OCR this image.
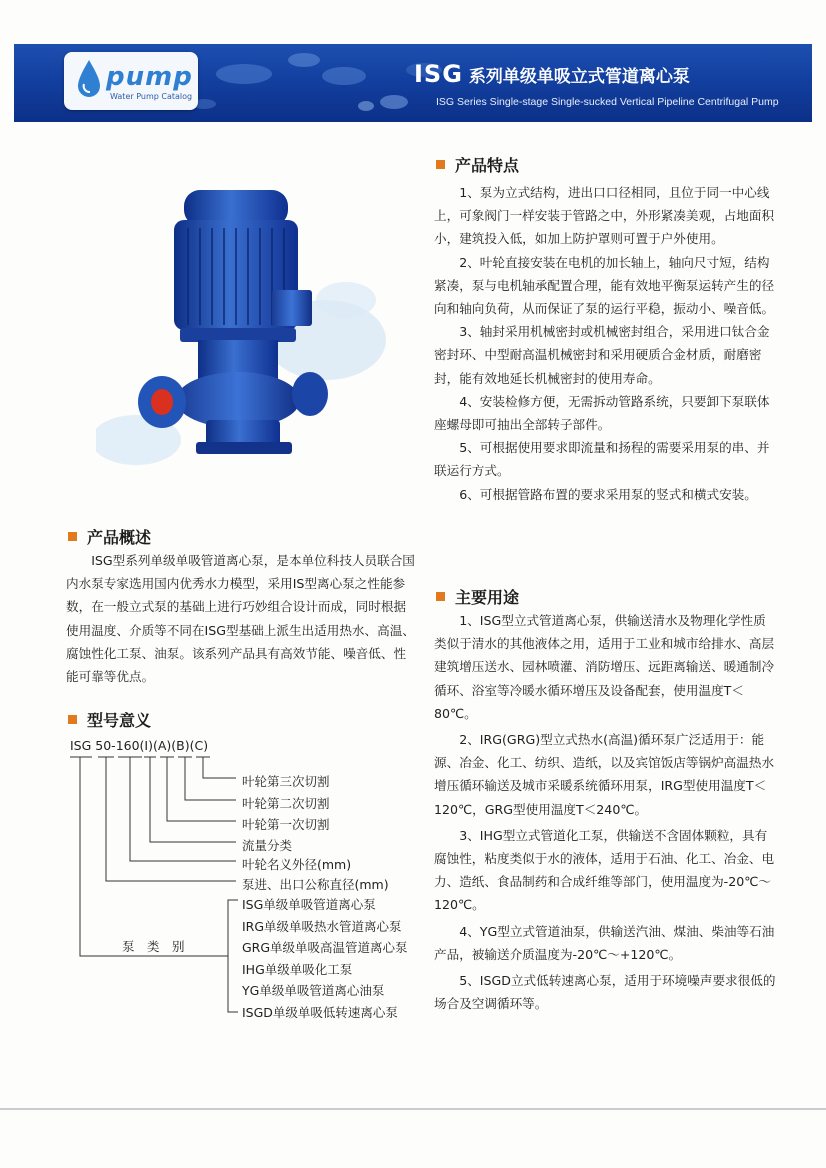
pump
Water Pump Catalog
ISG 系列单级单吸立式管道离心泵
ISG Series Single-stage Single-sucked Vertical Pipeline Centrifugal Pump
产品特点

1、泵为立式结构，进出口口径相同，且位于同一中心线上，可象阀门一样安装于管路之中，外形紧凑美观，占地面积小，建筑投入低，如加上防护罩则可置于户外使用。

2、叶轮直接安装在电机的加长轴上，轴向尺寸短，结构紧凑，泵与电机轴承配置合理，能有效地平衡泵运转产生的径向和轴向负荷，从而保证了泵的运行平稳，振动小、噪音低。

3、轴封采用机械密封或机械密封组合，采用进口钛合金密封环、中型耐高温机械密封和采用硬质合金材质，耐磨密封，能有效地延长机械密封的使用寿命。

4、安装检修方便，无需拆动管路系统，只要卸下泵联体座螺母即可抽出全部转子部件。

5、可根据使用要求即流量和扬程的需要采用泵的串、并联运行方式。

6、可根据管路布置的要求采用泵的竖式和横式安装。

产品概述

ISG型系列单级单吸管道离心泵，是本单位科技人员联合国内水泵专家选用国内优秀水力模型，采用IS型离心泵之性能参数，在一般立式泵的基础上进行巧妙组合设计而成，同时根据使用温度、介质等不同在ISG型基础上派生出适用热水、高温、腐蚀性化工泵、油泵。该系列产品具有高效节能、噪音低、性能可靠等优点。

型号意义
ISG 50-160(I)(A)(B)(C)
叶轮第三次切割
叶轮第二次切割
叶轮第一次切割
流量分类
叶轮名义外径(mm)
泵进、出口公称直径(mm)
泵　类　别
ISG单级单吸管道离心泵
IRG单级单吸热水管道离心泵
GRG单级单吸高温管道离心泵
IHG单级单吸化工泵
YG单级单吸管道离心油泵
ISGD单级单吸低转速离心泵
主要用途

1、ISG型立式管道离心泵，供输送清水及物理化学性质类似于清水的其他液体之用，适用于工业和城市给排水、高层建筑增压送水、园林喷灌、消防增压、远距离输送、暖通制冷循环、浴室等冷暖水循环增压及设备配套，使用温度T＜80℃。

2、IRG(GRG)型立式热水(高温)循环泵广泛适用于：能源、冶金、化工、纺织、造纸，以及宾馆饭店等锅炉高温热水增压循环输送及城市采暖系统循环用泵，IRG型使用温度T＜120℃，GRG型使用温度T＜240℃。

3、IHG型立式管道化工泵，供输送不含固体颗粒，具有腐蚀性，粘度类似于水的液体，适用于石油、化工、冶金、电力、造纸、食品制药和合成纤维等部门，使用温度为-20℃～120℃。

4、YG型立式管道油泵，供输送汽油、煤油、柴油等石油产品，被输送介质温度为-20℃～+120℃。

5、ISGD立式低转速离心泵，适用于环境噪声要求很低的场合及空调循环等。
